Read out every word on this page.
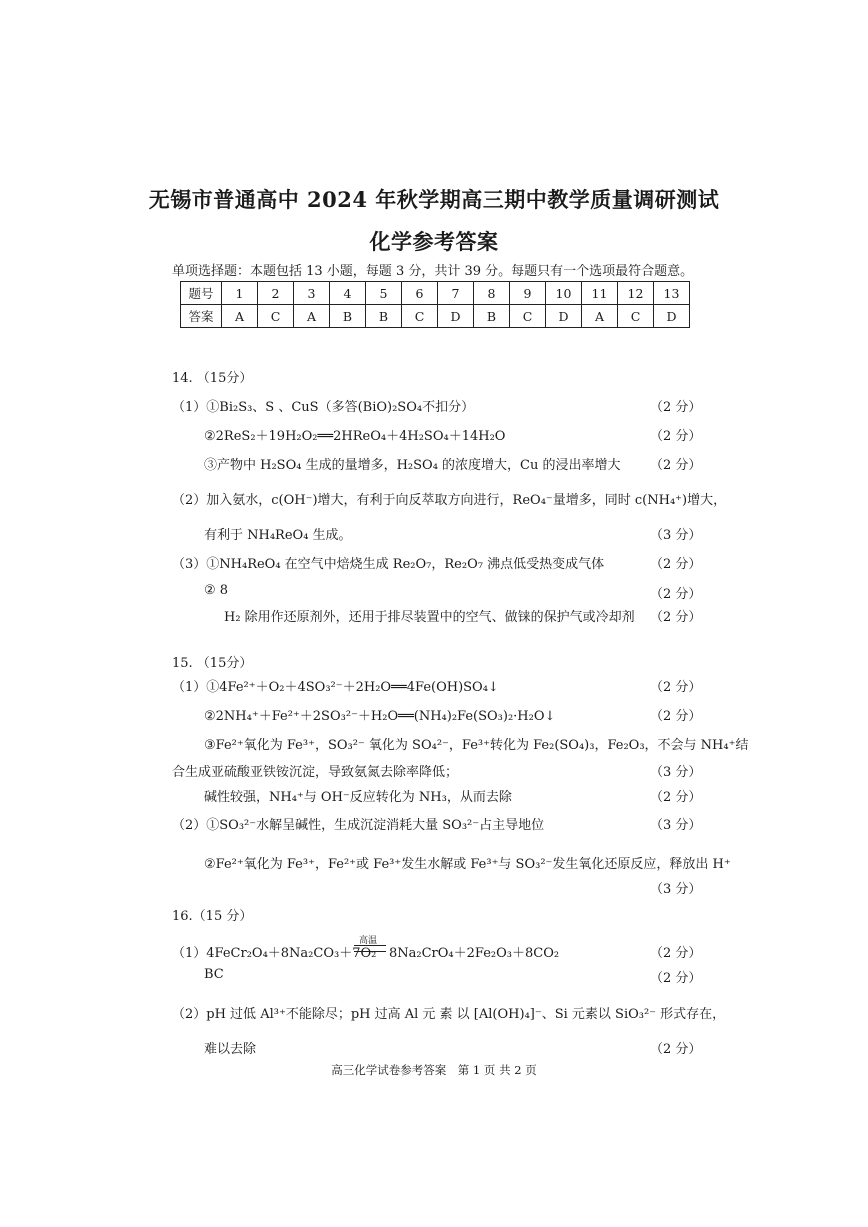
无锡市普通高中 2024 年秋学期高三期中教学质量调研测试
化学参考答案
单项选择题：本题包括 13 小题，每题 3 分，共计 39 分。每题只有一个选项最符合题意。
题号	1	2	3	4	5	6	7	8	9	10	11	12	13
答案	A	C	A	B	B	C	D	B	C	D	A	C	D
14. （15分）
（1）①Bi₂S₃、S 、CuS（多答(BiO)₂SO₄不扣分）	（2 分）
②2ReS₂＋19H₂O₂══2HReO₄＋4H₂SO₄＋14H₂O	（2 分）
③产物中 H₂SO₄ 生成的量增多，H₂SO₄ 的浓度增大，Cu 的浸出率增大 （2 分）
（2）加入氨水，c(OH⁻)增大，有利于向反萃取方向进行，ReO₄⁻量增多，同时 c(NH₄⁺)增大，
有利于 NH₄ReO₄ 生成。	（3 分）
（3）①NH₄ReO₄ 在空气中焙烧生成 Re₂O₇，Re₂O₇ 沸点低受热变成气体	（2 分）
② 8	（2 分）
H₂ 除用作还原剂外，还用于排尽装置中的空气、做铼的保护气或冷却剂 （2 分）
15. （15分）
（1）①4Fe²⁺＋O₂＋4SO₃²⁻＋2H₂O══4Fe(OH)SO₄↓	（2 分）
②2NH₄⁺＋Fe²⁺＋2SO₃²⁻＋H₂O══(NH₄)₂Fe(SO₃)₂·H₂O↓	（2 分）
③Fe²⁺氧化为 Fe³⁺，SO₃²⁻ 氧化为 SO₄²⁻，Fe³⁺转化为 Fe₂(SO₄)₃，Fe₂O₃，不会与 NH₄⁺结
合生成亚硫酸亚铁铵沉淀，导致氨氮去除率降低；	（3 分）
碱性较强，NH₄⁺与 OH⁻反应转化为 NH₃，从而去除	（2 分）
（2）①SO₃²⁻水解呈碱性，生成沉淀消耗大量 SO₃²⁻占主导地位	（3 分）
②Fe²⁺氧化为 Fe³⁺，Fe²⁺或 Fe³⁺发生水解或 Fe³⁺与 SO₃²⁻发生氧化还原反应，释放出 H⁺
（3 分）
16.（15 分）
（1）4FeCr₂O₄＋8Na₂CO₃＋7O₂
高温
8Na₂CrO₄＋2Fe₂O₃＋8CO₂	（2 分）
BC	（2 分）
（2）pH 过低 Al³⁺不能除尽；pH 过高 Al 元 素 以 [Al(OH)₄]⁻、Si 元素以 SiO₃²⁻ 形式存在，
难以去除	（2 分）
高三化学试卷参考答案　第 1 页 共 2 页
